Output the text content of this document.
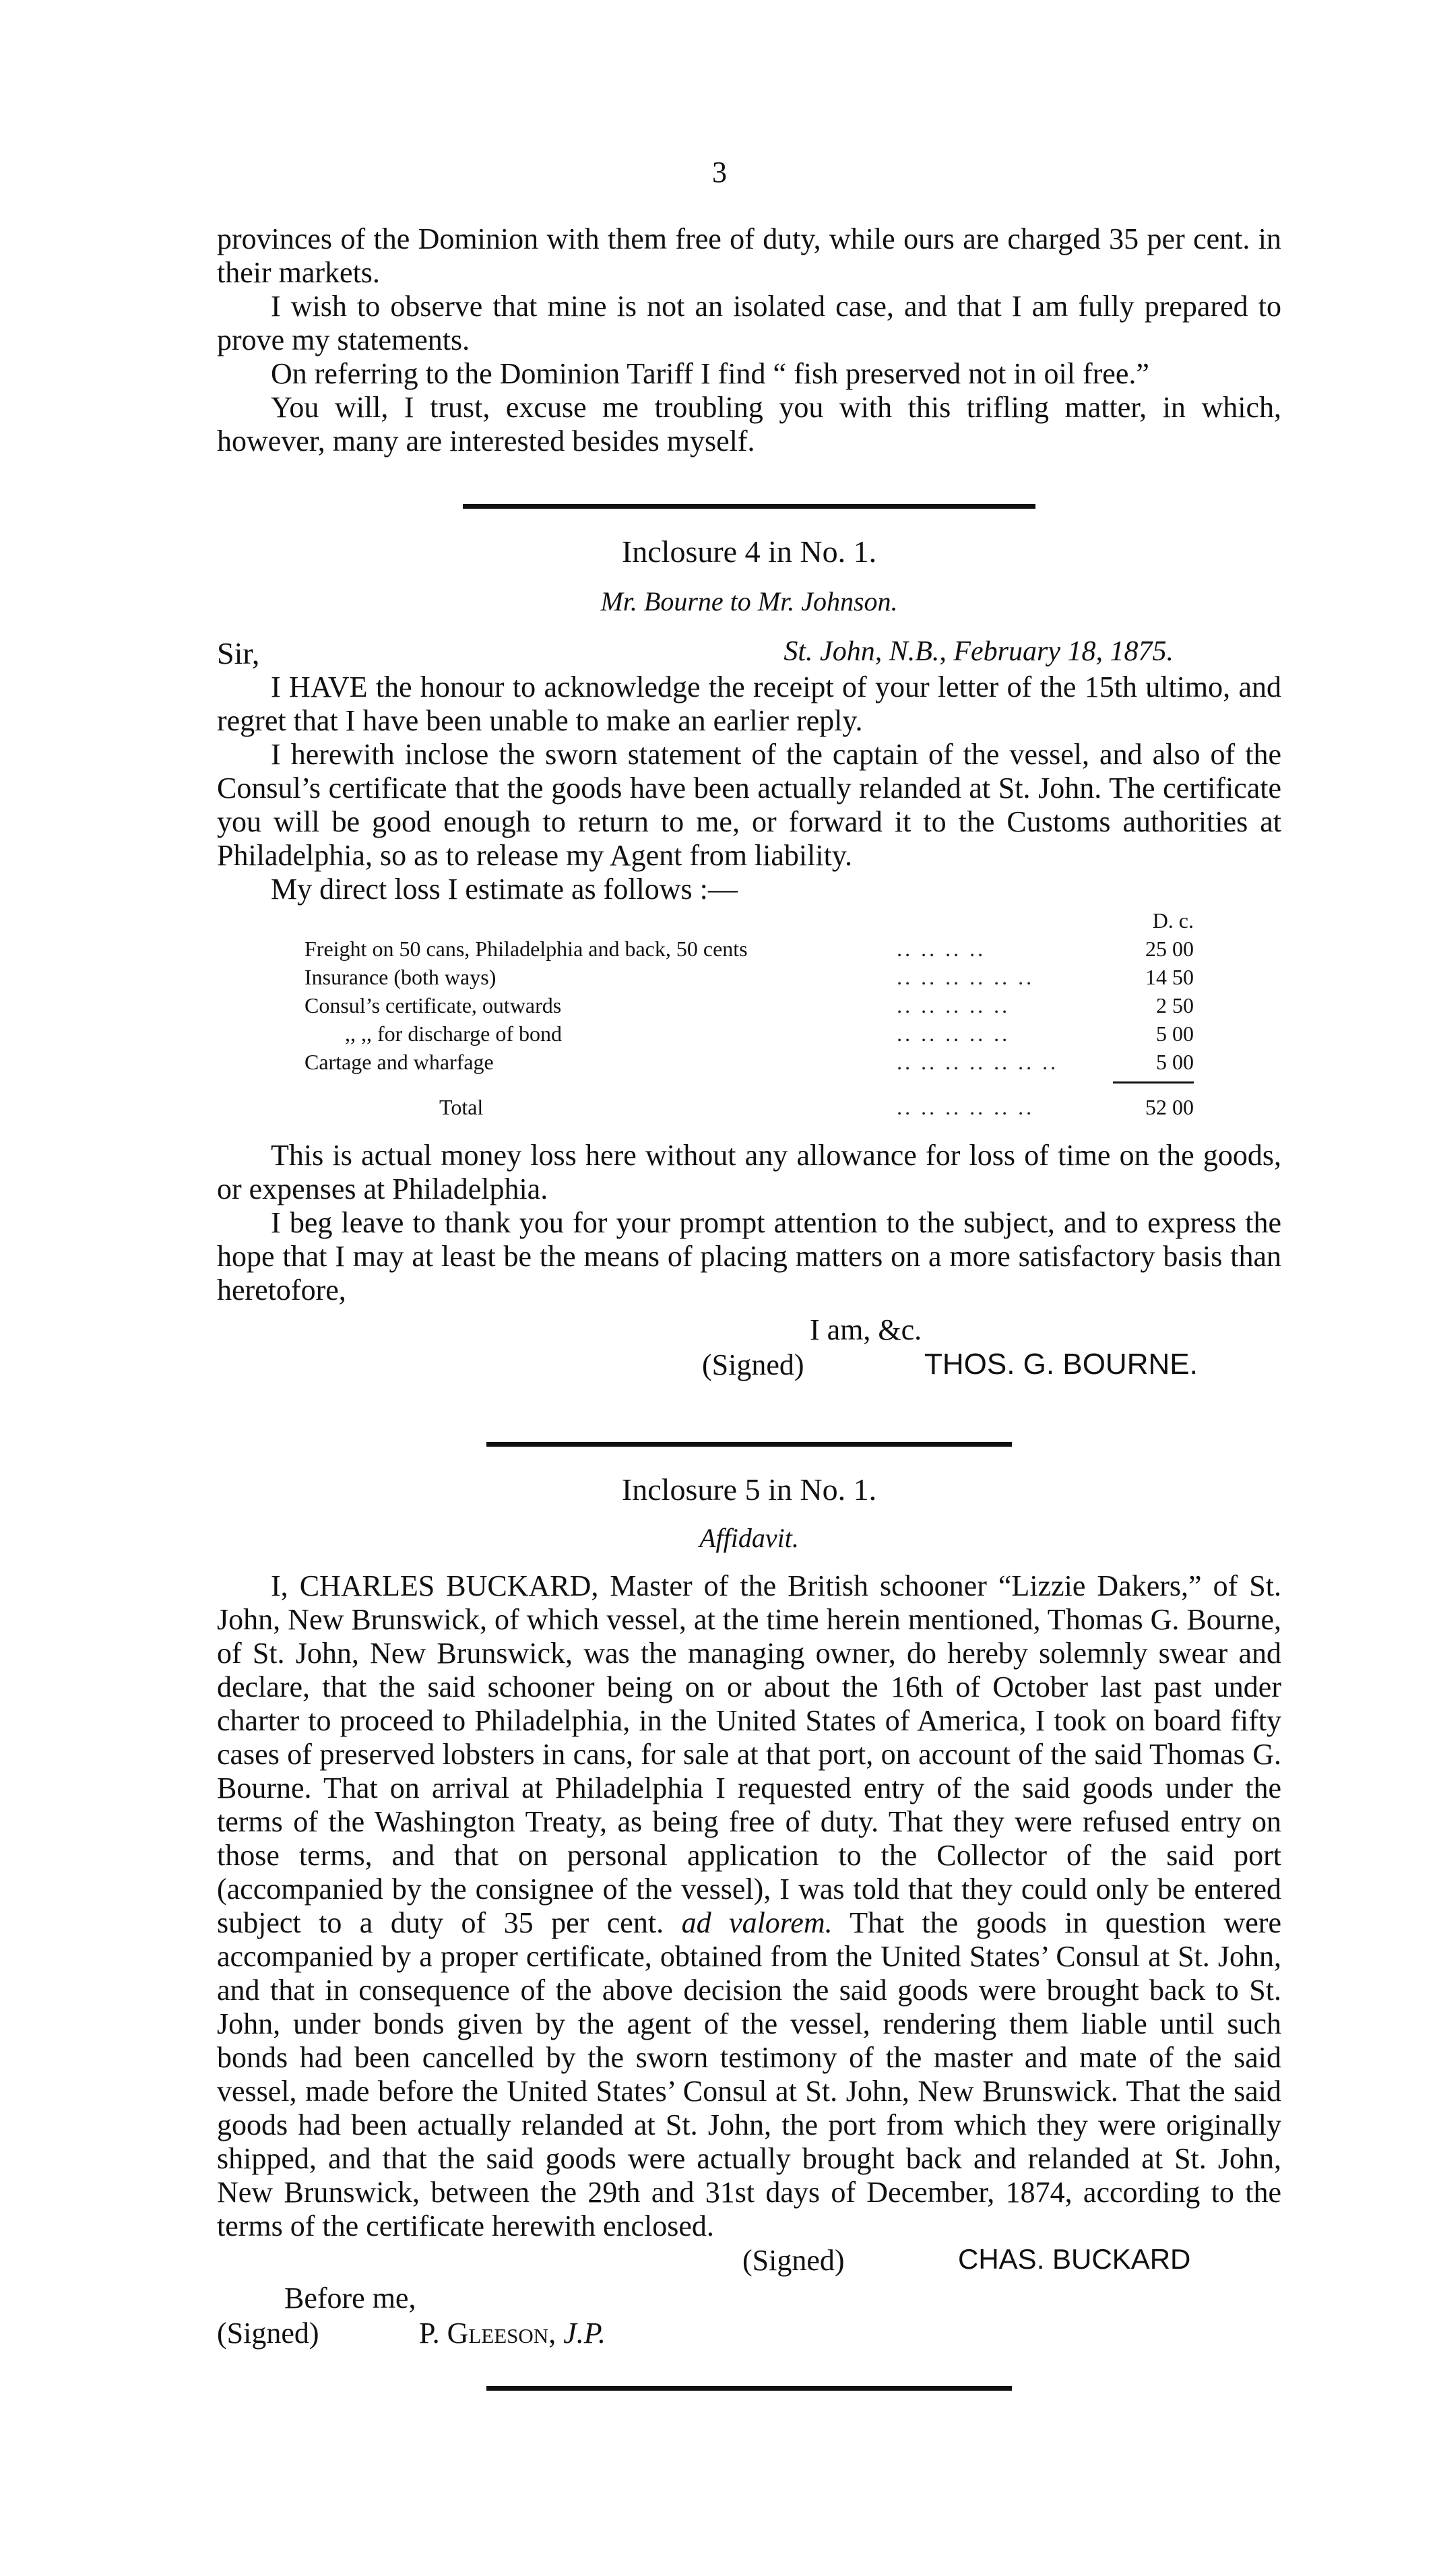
3

provinces of the Dominion with them free of duty, while ours are charged 35 per cent. in their markets.

I wish to observe that mine is not an isolated case, and that I am fully prepared to prove my statements.

On referring to the Dominion Tariff I find “ fish preserved not in oil free.”

You will, I trust, excuse me troubling you with this trifling matter, in which, however, many are interested besides myself.

Inclosure 4 in No. 1.
Mr. Bourne to Mr. Johnson.
Sir,	St. John, N.B., February 18, 1875.

I HAVE the honour to acknowledge the receipt of your letter of the 15th ultimo, and regret that I have been unable to make an earlier reply.

I herewith inclose the sworn statement of the captain of the vessel, and also of the Consul’s certificate that the goods have been actually relanded at St. John. The certificate you will be good enough to return to me, or forward it to the Customs authorities at Philadelphia, so as to release my Agent from liability.

My direct loss I estimate as follows :—

		D. c.
Freight on 50 cans, Philadelphia and back, 50 cents	.. .. .. ..	25 00
Insurance (both ways)	.. .. .. .. .. ..	14 50
Consul’s certificate, outwards	.. .. .. .. ..	2 50
,, ,, for discharge of bond	.. .. .. .. ..	5 00
Cartage and wharfage	.. .. .. .. .. .. ..	5 00

Total	.. .. .. .. .. ..	52 00

This is actual money loss here without any allowance for loss of time on the goods, or expenses at Philadelphia.

I beg leave to thank you for your prompt attention to the subject, and to express the hope that I may at least be the means of placing matters on a more satisfactory basis than heretofore,

I am, &c.
(Signed)	THOS. G. BOURNE.
Inclosure 5 in No. 1.
Affidavit.

I, CHARLES BUCKARD, Master of the British schooner “Lizzie Dakers,” of St. John, New Brunswick, of which vessel, at the time herein mentioned, Thomas G. Bourne, of St. John, New Brunswick, was the managing owner, do hereby solemnly swear and declare, that the said schooner being on or about the 16th of October last past under charter to proceed to Philadelphia, in the United States of America, I took on board fifty cases of preserved lobsters in cans, for sale at that port, on account of the said Thomas G. Bourne. That on arrival at Philadelphia I requested entry of the said goods under the terms of the Washington Treaty, as being free of duty. That they were refused entry on those terms, and that on personal application to the Collector of the said port (accompanied by the consignee of the vessel), I was told that they could only be entered subject to a duty of 35 per cent. ad valorem. That the goods in question were accompanied by a proper certificate, obtained from the United States’ Consul at St. John, and that in consequence of the above decision the said goods were brought back to St. John, under bonds given by the agent of the vessel, rendering them liable until such bonds had been cancelled by the sworn testimony of the master and mate of the said vessel, made before the United States’ Consul at St. John, New Brunswick. That the said goods had been actually relanded at St. John, the port from which they were originally shipped, and that the said goods were actually brought back and relanded at St. John, New Brunswick, between the 29th and 31st days of December, 1874, according to the terms of the certificate herewith enclosed.

(Signed)	CHAS. BUCKARD
Before me,
(Signed)	P. Gleeson, J.P.
